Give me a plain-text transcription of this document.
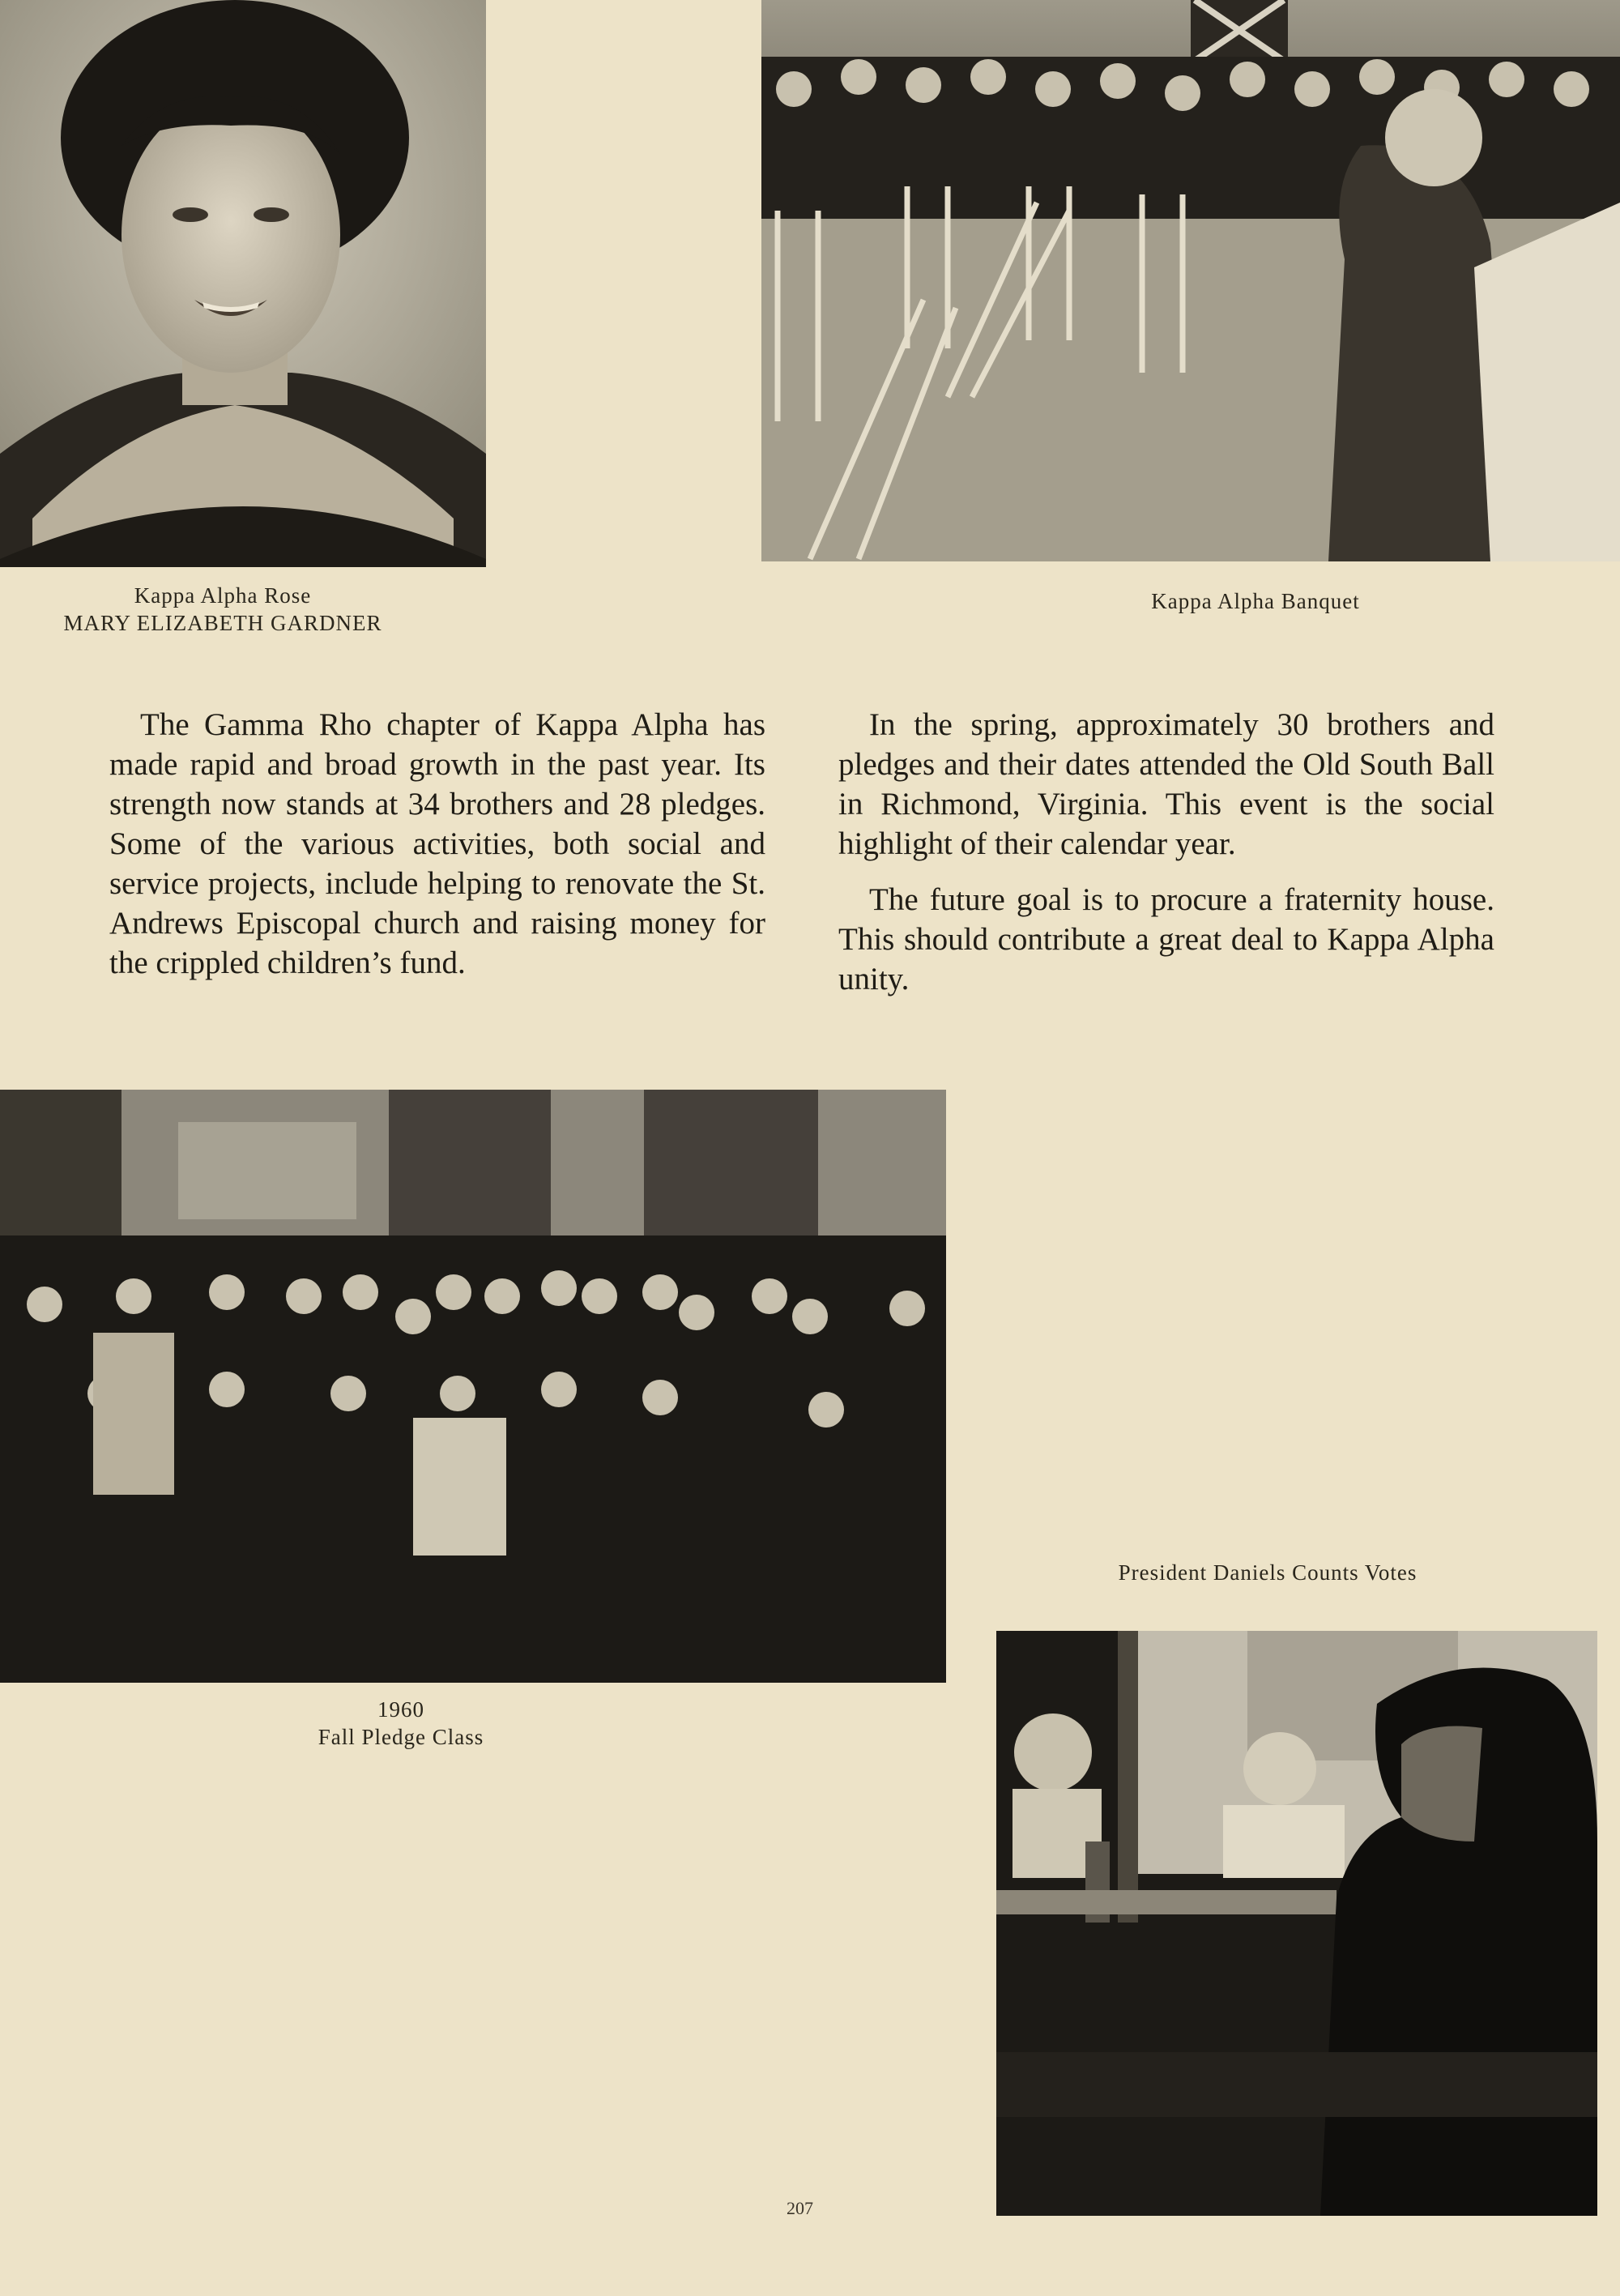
Kappa Alpha Rose
MARY ELIZABETH GARDNER
Kappa Alpha Banquet

The Gamma Rho chapter of Kappa Alpha has made rapid and broad growth in the past year. Its strength now stands at 34 brothers and 28 pledges. Some of the various activities, both social and service projects, include helping to renovate the St. Andrews Episcopal church and raising money for the crippled children’s fund.

In the spring, approximately 30 brothers and pledges and their dates attended the Old South Ball in Richmond, Virginia. This event is the social highlight of their calendar year.

The future goal is to procure a fraternity house. This should contribute a great deal to Kappa Alpha unity.

1960
Fall Pledge Class
President Daniels Counts Votes
207
